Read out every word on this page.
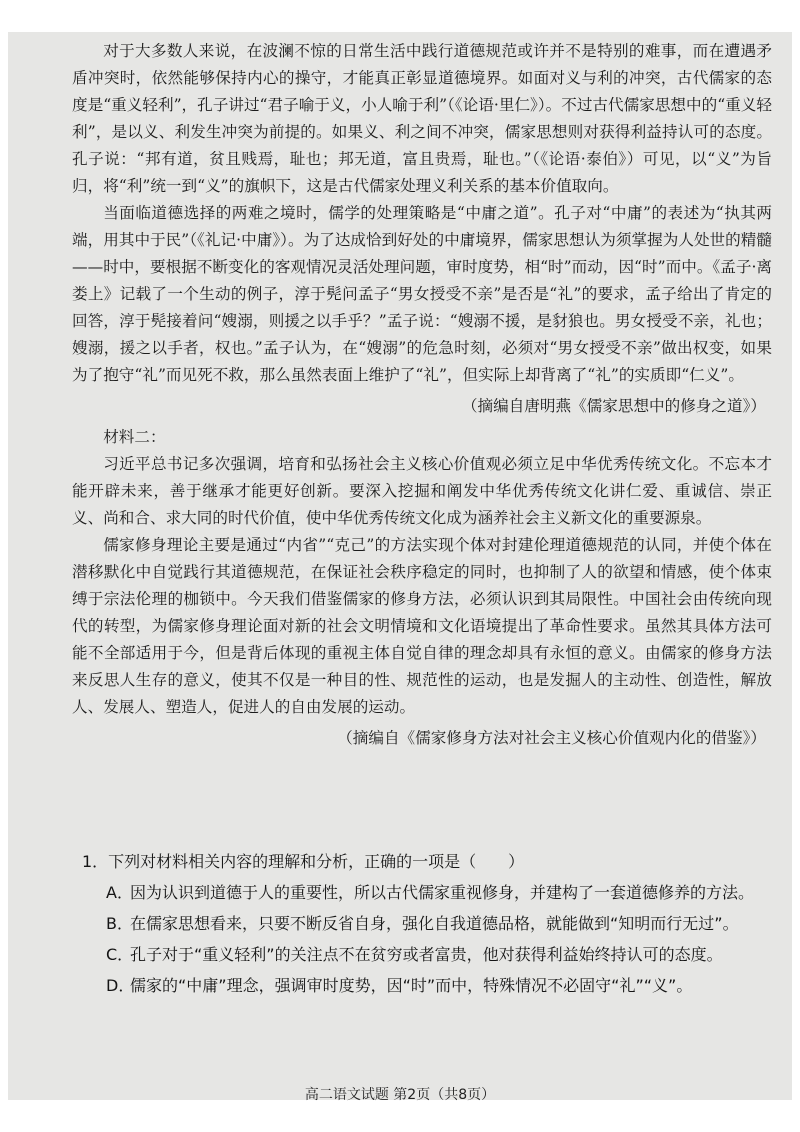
对于大多数人来说，在波澜不惊的日常生活中践行道德规范或许并不是特别的难事，而在遭遇矛盾冲突时，依然能够保持内心的操守，才能真正彰显道德境界。如面对义与利的冲突，古代儒家的态度是“重义轻利”，孔子讲过“君子喻于义，小人喻于利”（《论语·里仁》）。不过古代儒家思想中的“重义轻利”，是以义、利发生冲突为前提的。如果义、利之间不冲突，儒家思想则对获得利益持认可的态度。孔子说：“邦有道，贫且贱焉，耻也；邦无道，富且贵焉，耻也。”（《论语·泰伯》）可见，以“义”为旨归，将“利”统一到“义”的旗帜下，这是古代儒家处理义利关系的基本价值取向。

当面临道德选择的两难之境时，儒学的处理策略是“中庸之道”。孔子对“中庸”的表述为“执其两端，用其中于民”（《礼记·中庸》）。为了达成恰到好处的中庸境界，儒家思想认为须掌握为人处世的精髓——时中，要根据不断变化的客观情况灵活处理问题，审时度势，相“时”而动，因“时”而中。《孟子·离娄上》记载了一个生动的例子，淳于髡问孟子“男女授受不亲”是否是“礼”的要求，孟子给出了肯定的回答，淳于髡接着问“嫂溺，则援之以手乎？”孟子说：“嫂溺不援，是豺狼也。男女授受不亲，礼也；嫂溺，援之以手者，权也。”孟子认为，在“嫂溺”的危急时刻，必须对“男女授受不亲”做出权变，如果为了抱守“礼”而见死不救，那么虽然表面上维护了“礼”，但实际上却背离了“礼”的实质即“仁义”。

（摘编自唐明燕《儒家思想中的修身之道》）

材料二：

习近平总书记多次强调，培育和弘扬社会主义核心价值观必须立足中华优秀传统文化。不忘本才能开辟未来，善于继承才能更好创新。要深入挖掘和阐发中华优秀传统文化讲仁爱、重诚信、崇正义、尚和合、求大同的时代价值，使中华优秀传统文化成为涵养社会主义新文化的重要源泉。

儒家修身理论主要是通过“内省”“克己”的方法实现个体对封建伦理道德规范的认同，并使个体在潜移默化中自觉践行其道德规范，在保证社会秩序稳定的同时，也抑制了人的欲望和情感，使个体束缚于宗法伦理的枷锁中。今天我们借鉴儒家的修身方法，必须认识到其局限性。中国社会由传统向现代的转型，为儒家修身理论面对新的社会文明情境和文化语境提出了革命性要求。虽然其具体方法可能不全部适用于今，但是背后体现的重视主体自觉自律的理念却具有永恒的意义。由儒家的修身方法来反思人生存的意义，使其不仅是一种目的性、规范性的运动，也是发掘人的主动性、创造性，解放人、发展人、塑造人，促进人的自由发展的运动。

（摘编自《儒家修身方法对社会主义核心价值观内化的借鉴》）

1．下列对材料相关内容的理解和分析，正确的一项是（　　）

A．
因为认识到道德于人的重要性，所以古代儒家重视修身，并建构了一套道德修养的方法。
B．
在儒家思想看来，只要不断反省自身，强化自我道德品格，就能做到“知明而行无过”。
C．
孔子对于“重义轻利”的关注点不在贫穷或者富贵，他对获得利益始终持认可的态度。
D．
儒家的“中庸”理念，强调审时度势，因“时”而中，特殊情况不必固守“礼”“义”。
高二语文试题 第2页（共8页）
